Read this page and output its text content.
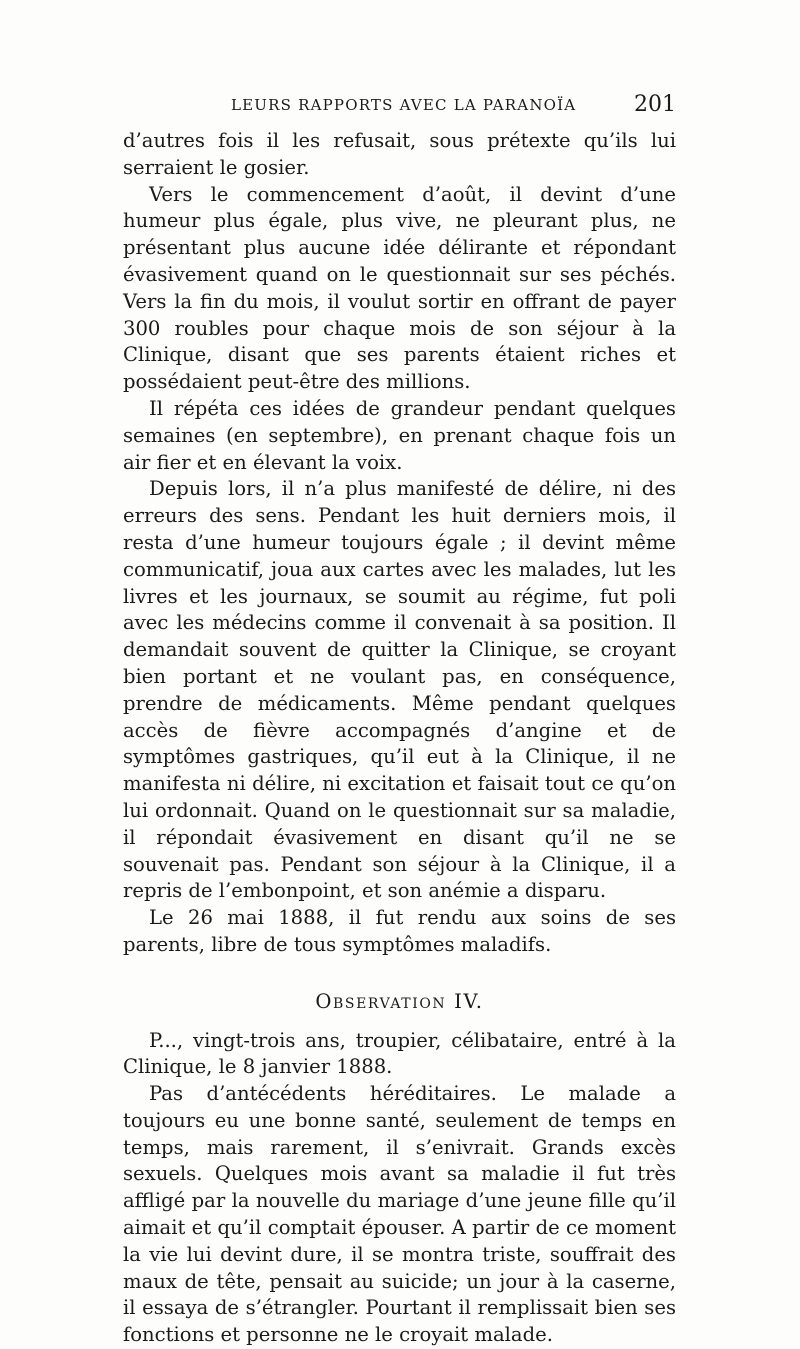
LEURS RAPPORTS AVEC LA PARANOÏA	201

d’autres fois il les refusait, sous prétexte qu’ils lui serraient le gosier.

Vers le commencement d’août, il devint d’une humeur plus égale, plus vive, ne pleurant plus, ne présentant plus aucune idée délirante et répondant évasivement quand on le questionnait sur ses péchés. Vers la fin du mois, il voulut sortir en offrant de payer 300 roubles pour chaque mois de son séjour à la Clinique, disant que ses parents étaient riches et possédaient peut-être des millions.

Il répéta ces idées de grandeur pendant quelques semaines (en septembre), en prenant chaque fois un air fier et en élevant la voix.

Depuis lors, il n’a plus manifesté de délire, ni des erreurs des sens. Pendant les huit derniers mois, il resta d’une humeur toujours égale ; il devint même communicatif, joua aux cartes avec les malades, lut les livres et les journaux, se soumit au régime, fut poli avec les médecins comme il convenait à sa position. Il demandait souvent de quitter la Clinique, se croyant bien portant et ne voulant pas, en conséquence, prendre de médicaments. Même pendant quelques accès de fièvre accompagnés d’angine et de symptômes gastriques, qu’il eut à la Clinique, il ne manifesta ni délire, ni excitation et faisait tout ce qu’on lui ordonnait. Quand on le questionnait sur sa maladie, il répondait évasivement en disant qu’il ne se souvenait pas. Pendant son séjour à la Clinique, il a repris de l’embonpoint, et son anémie a disparu.

Le 26 mai 1888, il fut rendu aux soins de ses parents, libre de tous symptômes maladifs.

Observation IV.

P..., vingt-trois ans, troupier, célibataire, entré à la Clinique, le 8 janvier 1888.

Pas d’antécédents héréditaires. Le malade a toujours eu une bonne santé, seulement de temps en temps, mais rarement, il s’enivrait. Grands excès sexuels. Quelques mois avant sa maladie il fut très affligé par la nouvelle du mariage d’une jeune fille qu’il aimait et qu’il comptait épouser. A partir de ce moment la vie lui devint dure, il se montra triste, souffrait des maux de tête, pensait au suicide; un jour à la caserne, il essaya de s’étrangler. Pourtant il remplissait bien ses fonctions et personne ne le croyait malade.
